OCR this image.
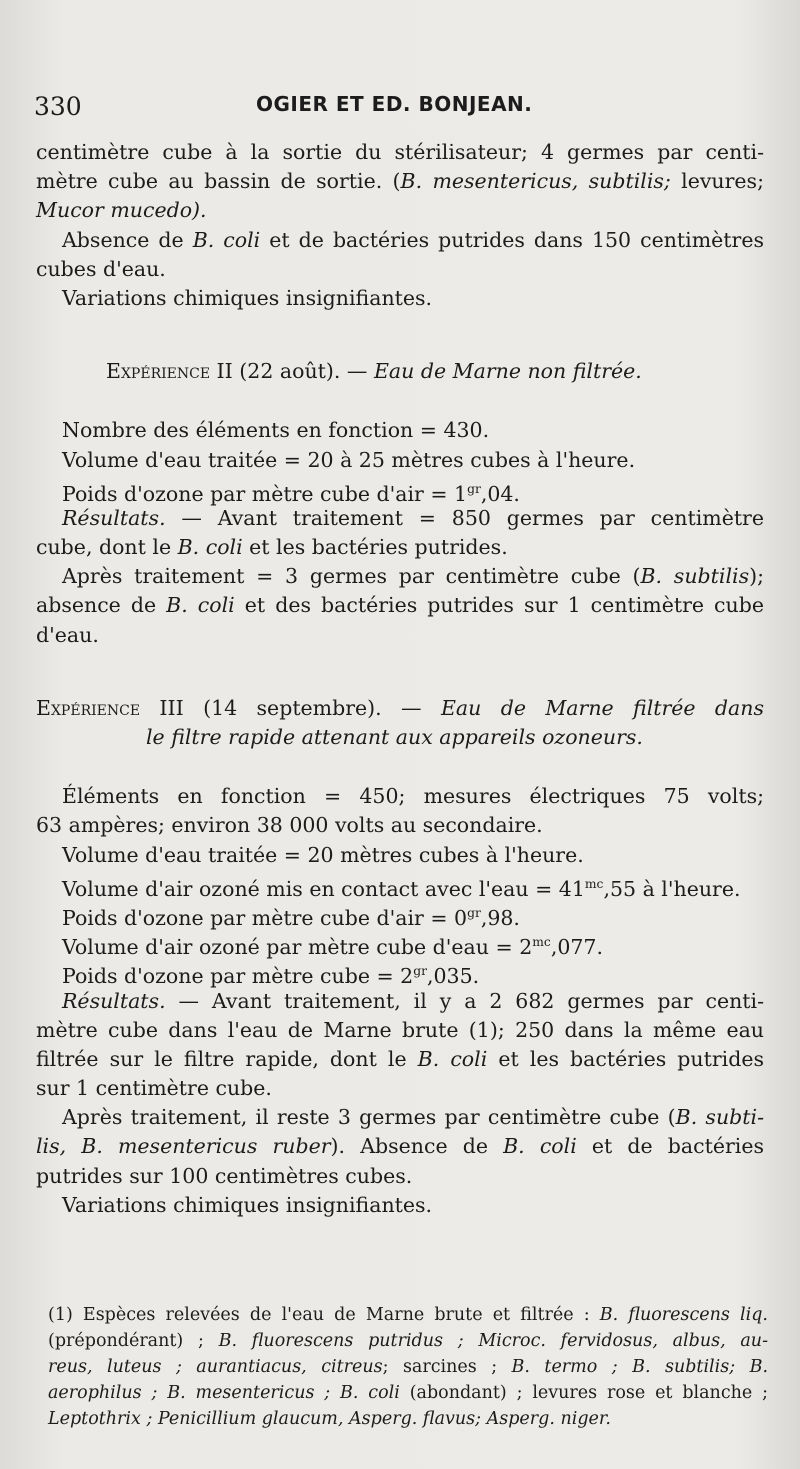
330	OGIER ET ED. BONJEAN.
centimètre cube à la sortie du stérilisateur; 4 germes par centi-
mètre cube au bassin de sortie. (B. mesentericus, subtilis; levures;
Mucor mucedo).
Absence de B. coli et de bactéries putrides dans 150 centimètres
cubes d'eau.
Variations chimiques insignifiantes.
Expérience II (22 août). — Eau de Marne non filtrée.
Nombre des éléments en fonction = 430.
Volume d'eau traitée = 20 à 25 mètres cubes à l'heure.
Poids d'ozone par mètre cube $d'air = 1^{gr},04$.
Résultats. — Avant traitement = 850 germes par centimètre
cube, dont le B. coli et les bactéries putrides.
Après traitement = 3 germes par centimètre cube (B. subtilis);
absence de B. coli et des bactéries putrides sur 1 centimètre cube
d'eau.
Expérience III (14 septembre). — Eau de Marne filtrée dans
le filtre rapide attenant aux appareils ozoneurs.
Éléments en fonction = 450; mesures électriques 75 volts;
63 ampères; environ 38 000 volts au secondaire.
Volume d'eau traitée = 20 mètres cubes à l'heure.
Volume d'air ozoné mis en contact avec $l'eau = 41^{mc},55$ à l'heure.
Poids d'ozone par mètre cube $d'air = 0^{gr},98$.
Volume d'air ozoné par mètre cube $d'eau = 2^{mc},077$.
Poids d'ozone par mètre cube = $2^{gr},035$.
Résultats. — Avant traitement, il y a 2 682 germes par centi-
mètre cube dans l'eau de Marne brute (1); 250 dans la même eau
filtrée sur le filtre rapide, dont le B. coli et les bactéries putrides
sur 1 centimètre cube.
Après traitement, il reste 3 germes par centimètre cube (B. subti-
lis, B. mesentericus ruber). Absence de B. coli et de bactéries
putrides sur 100 centimètres cubes.
Variations chimiques insignifiantes.
(1) Espèces relevées de l'eau de Marne brute et filtrée : B. fluorescens liq.
(prépondérant) ; B. fluorescens putridus ; Microc. fervidosus, albus, au-
reus, luteus ; aurantiacus, citreus; sarcines ; B. termo ; B. subtilis; B.
aerophilus ; B. mesentericus ; B. coli (abondant) ; levures rose et blanche ;
Leptothrix ; Penicillium glaucum, Asperg. flavus; Asperg. niger.
